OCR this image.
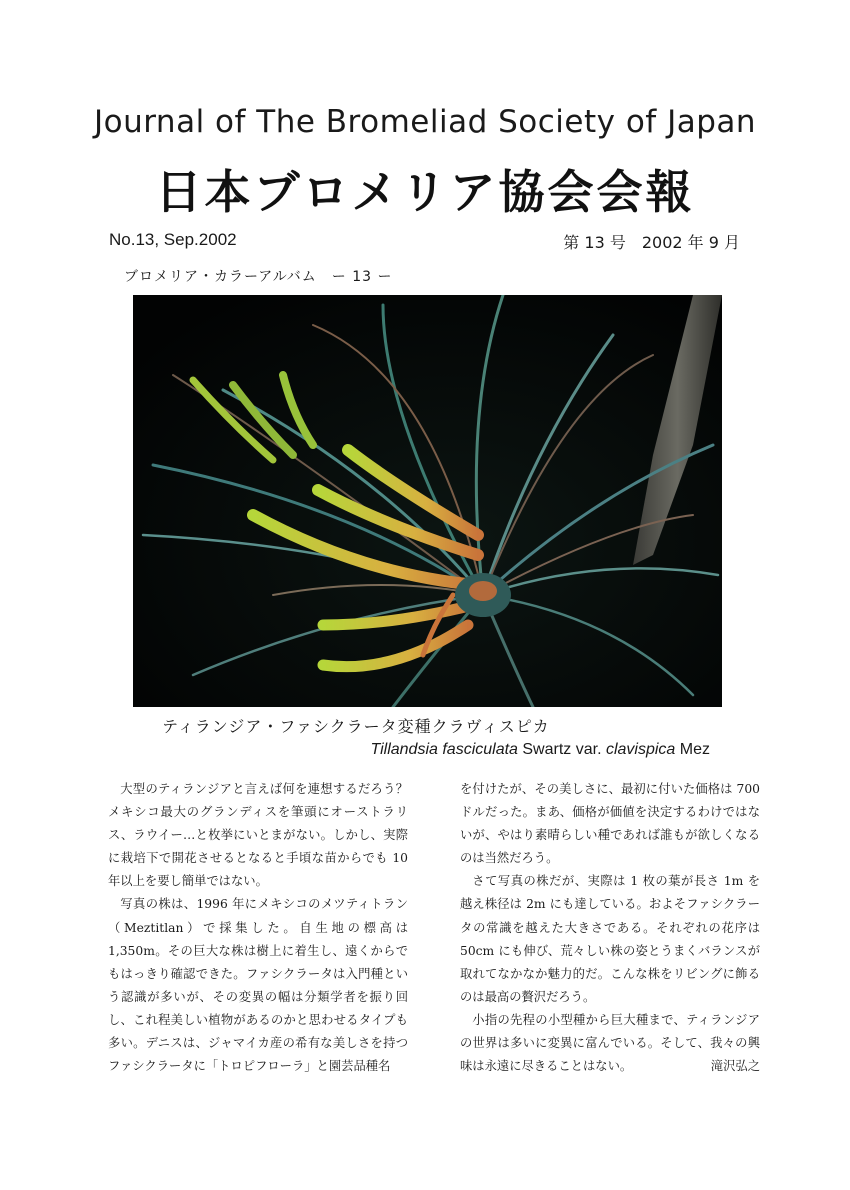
Journal of The Bromeliad Society of Japan
日本ブロメリア協会会報
No.13, Sep.2002	第 13 号　2002 年 9 月
ブロメリア・カラーアルバム　ー 13 ー
ティランジア・ファシクラータ変種クラヴィスピカ
Tillandsia fasciculata Swartz var. clavispica Mez

大型のティランジアと言えば何を連想するだろう？メキシコ最大のグランディスを筆頭にオーストラリス、ラウイー…と枚挙にいとまがない。しかし、実際に栽培下で開花させるとなると手頃な苗からでも 10 年以上を要し簡単ではない。

写真の株は、1996 年にメキシコのメツティトラン（Meztitlan）で採集した。自生地の標高は 1,350m。その巨大な株は樹上に着生し、遠くからでもはっきり確認できた。ファシクラータは入門種という認識が多いが、その変異の幅は分類学者を振り回し、これ程美しい植物があるのかと思わせるタイプも多い。デニスは、ジャマイカ産の希有な美しさを持つファシクラータに「トロピフローラ」と園芸品種名

を付けたが、その美しさに、最初に付いた価格は 700 ドルだった。まあ、価格が価値を決定するわけではないが、やはり素晴らしい種であれば誰もが欲しくなるのは当然だろう。

さて写真の株だが、実際は 1 枚の葉が長さ 1m を越え株径は 2m にも達している。およそファシクラータの常識を越えた大きさである。それぞれの花序は 50cm にも伸び、荒々しい株の姿とうまくバランスが取れてなかなか魅力的だ。こんな株をリビングに飾るのは最高の贅沢だろう。

小指の先程の小型種から巨大種まで、ティランジアの世界は多いに変異に富んでいる。そして、我々の興味は永遠に尽きることはない。	滝沢弘之
